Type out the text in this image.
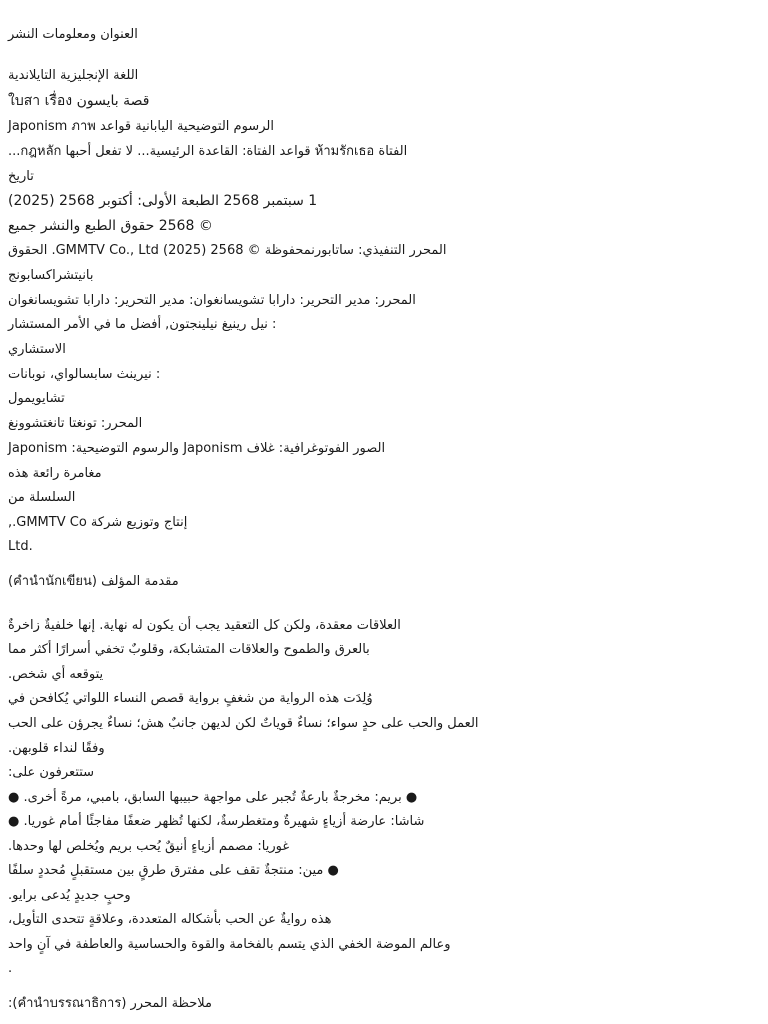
العنوان ومعلومات النشر
اللغة الإنجليزية التايلاندية
قصة بايسون ใบสา เรื่อง
الرسوم التوضيحية اليابانية قواعد Japonism ภาพ
الفتاة ห้ามรักเธอ قواعد الفتاة: القاعدة الرئيسية... لا تفعل أحبها กฎหลัก...
تاريخ
1 سبتمبر 2568 الطبعة الأولى: أكتوبر 2568 (2025)
© 2568 حقوق الطبع والنشر جميع
المحرر التنفيذي: ساتابورنمحفوظة © 2568 (2025) GMMTV Co., Ltd. الحقوق
بانيتشراكسابونج
المحرر: مدير التحرير: دارابا تشويسانغوان: مدير التحرير: دارابا تشويسانغوان
: نيل رينيغ نيلينجتون, أفضل ما في الأمر المستشار
الاستشاري
: نيرينث سابسالواي، نوبانات
تشايويمول
المحرر: تونغتا تانغتشوونغ
الصور الفوتوغرافية: غلاف Japonism والرسوم التوضيحية: Japonism
مغامرة رائعة هذه
السلسلة من
إنتاج وتوزيع شركة GMMTV Co.,
Ltd.
مقدمة المؤلف (คำนำนักเขียน)
العلاقات معقدة، ولكن كل التعقيد يجب أن يكون له نهاية. إنها خلفيةٌ زاخرةٌ
بالعرق والطموح والعلاقات المتشابكة، وقلوبٌ تخفي أسرارًا أكثر مما
يتوقعه أي شخص.
وُلِدَت هذه الرواية من شغفٍ برواية قصص النساء اللواتي يُكافحن في
العمل والحب على حدٍ سواء؛ نساءٌ قوياتٌ لكن لديهن جانبٌ هش؛ نساءٌ يجرؤن على الحب
وفقًا لنداء قلوبهن.
ستتعرفون على:
● بريم: مخرجةٌ بارعةٌ تُجبر على مواجهة حبيبها السابق، بامبي، مرةً أخرى. ●
شاشا: عارضة أزياءٍ شهيرةٌ ومتغطرسةٌ، لكنها تُظهر ضعفًا مفاجئًا أمام غوريا. ●
غوريا: مصمم أزياءٍ أنيقٌ يُحب بريم ويُخلص لها وحدها.
● مين: منتجةٌ تقف على مفترق طرقٍ بين مستقبلٍ مُحددٍ سلفًا
وحبٍ جديدٍ يُدعى برايو.
هذه روايةٌ عن الحب بأشكاله المتعددة، وعلاقةٍ تتحدى التأويل،
وعالم الموضة الخفي الذي يتسم بالفخامة والقوة والحساسية والعاطفة في آنٍ واحد
.
ملاحظة المحرر (คำนำบรรณาธิการ):
